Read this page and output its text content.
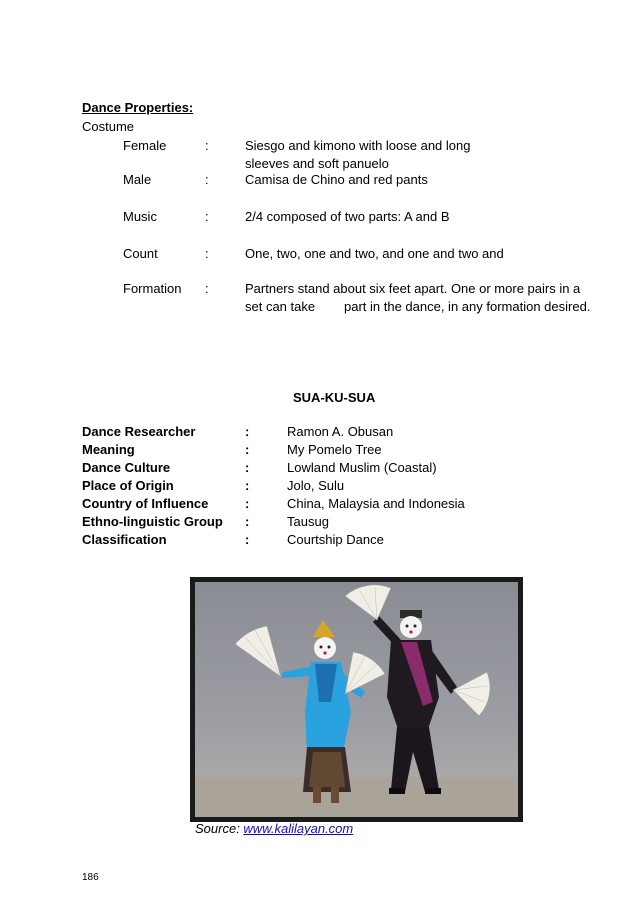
Dance Properties:
Costume
Female	:	Siesgo and kimono with loose and long sleeves and soft panuelo
Male	:	Camisa de Chino and red pants
Music	:	2/4 composed of two parts: A and B
Count	:	One, two, one and two, and one and two and
Formation :	Partners stand about six feet apart. One or more pairs in a set can take        part in the dance, in any formation desired.
SUA-KU-SUA
Dance Researcher	:	Ramon A. Obusan
Meaning	:	My Pomelo Tree
Dance Culture	:	Lowland Muslim (Coastal)
Place of Origin	:	Jolo, Sulu
Country of Influence	:	China, Malaysia and Indonesia
Ethno-linguistic Group :	Tausug
Classification	:	Courtship Dance
Source: www.kalilayan.com
186
